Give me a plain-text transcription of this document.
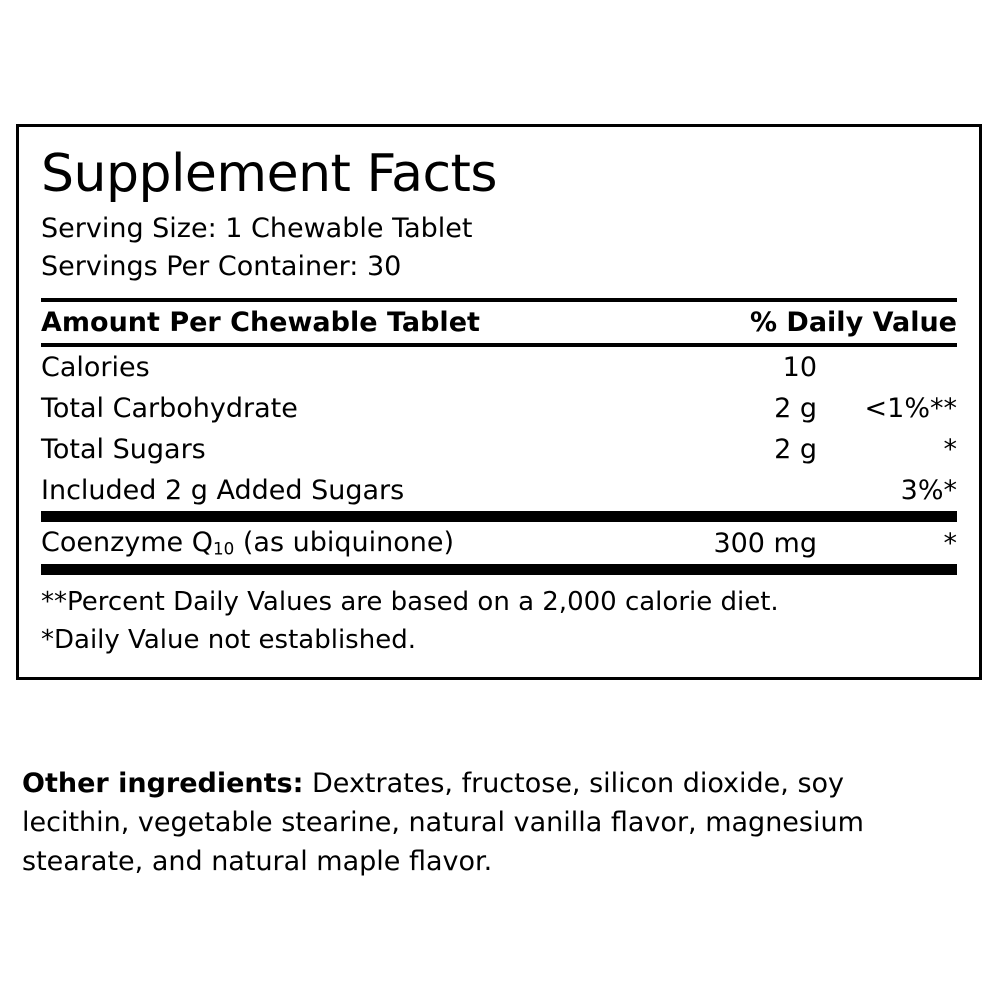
Supplement Facts
Serving Size: 1 Chewable Tablet
Servings Per Container: 30
Amount Per Chewable Tablet		% Daily Value
Calories	10	
Total Carbohydrate	2 g	<1%**
Total Sugars	2 g	*
Included 2 g Added Sugars		3%*
Coenzyme $Q_{10}$ (as ubiquinone)	300 mg	*
**Percent Daily Values are based on a 2,000 calorie diet.
*Daily Value not established.
Other ingredients: Dextrates, fructose, silicon dioxide, soy lecithin, vegetable stearine, natural vanilla flavor, magnesium stearate, and natural maple flavor.
